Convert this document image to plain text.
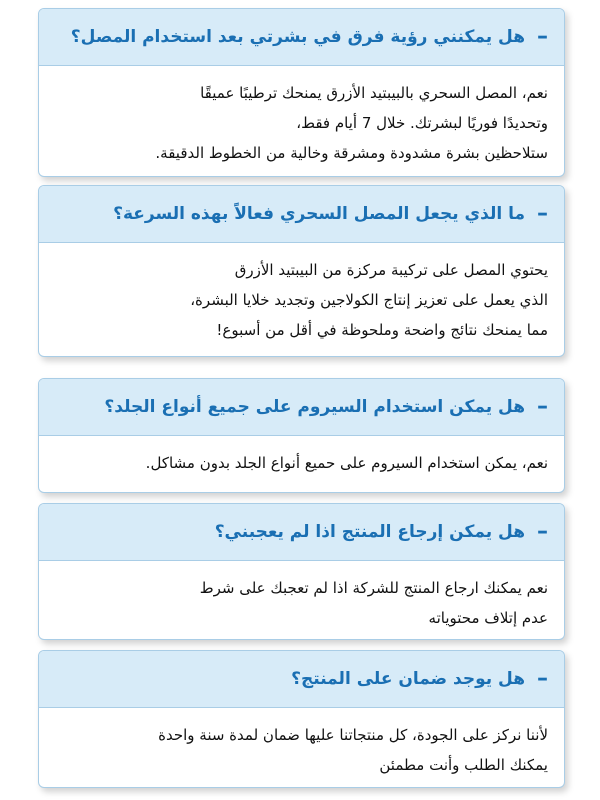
–
هل يمكنني رؤية فرق في بشرتي بعد استخدام المصل؟
نعم، المصل السحري بالبيبتيد الأزرق يمنحك ترطيبًا عميقًا
وتحديدًا فوريًا لبشرتك. خلال 7 أيام فقط،
ستلاحظين بشرة مشدودة ومشرقة وخالية من الخطوط الدقيقة.
–
ما الذي يجعل المصل السحري فعالاً بهذه السرعة؟
يحتوي المصل على تركيبة مركزة من البيبتيد الأزرق
الذي يعمل على تعزيز إنتاج الكولاجين وتجديد خلايا البشرة،
مما يمنحك نتائج واضحة وملحوظة في أقل من أسبوع!
–
هل يمكن استخدام السيروم على جميع أنواع الجلد؟
نعم، يمكن استخدام السيروم على حميع أنواع الجلد بدون مشاكل.
–
هل يمكن إرجاع المنتج اذا لم يعجبني؟
نعم يمكنك ارجاع المنتج للشركة اذا لم تعجبك على شرط
عدم إتلاف محتوياته
–
هل يوجد ضمان على المنتج؟
لأننا نركز على الجودة، كل منتجاتنا عليها ضمان لمدة سنة واحدة
يمكنك الطلب وأنت مطمئن
